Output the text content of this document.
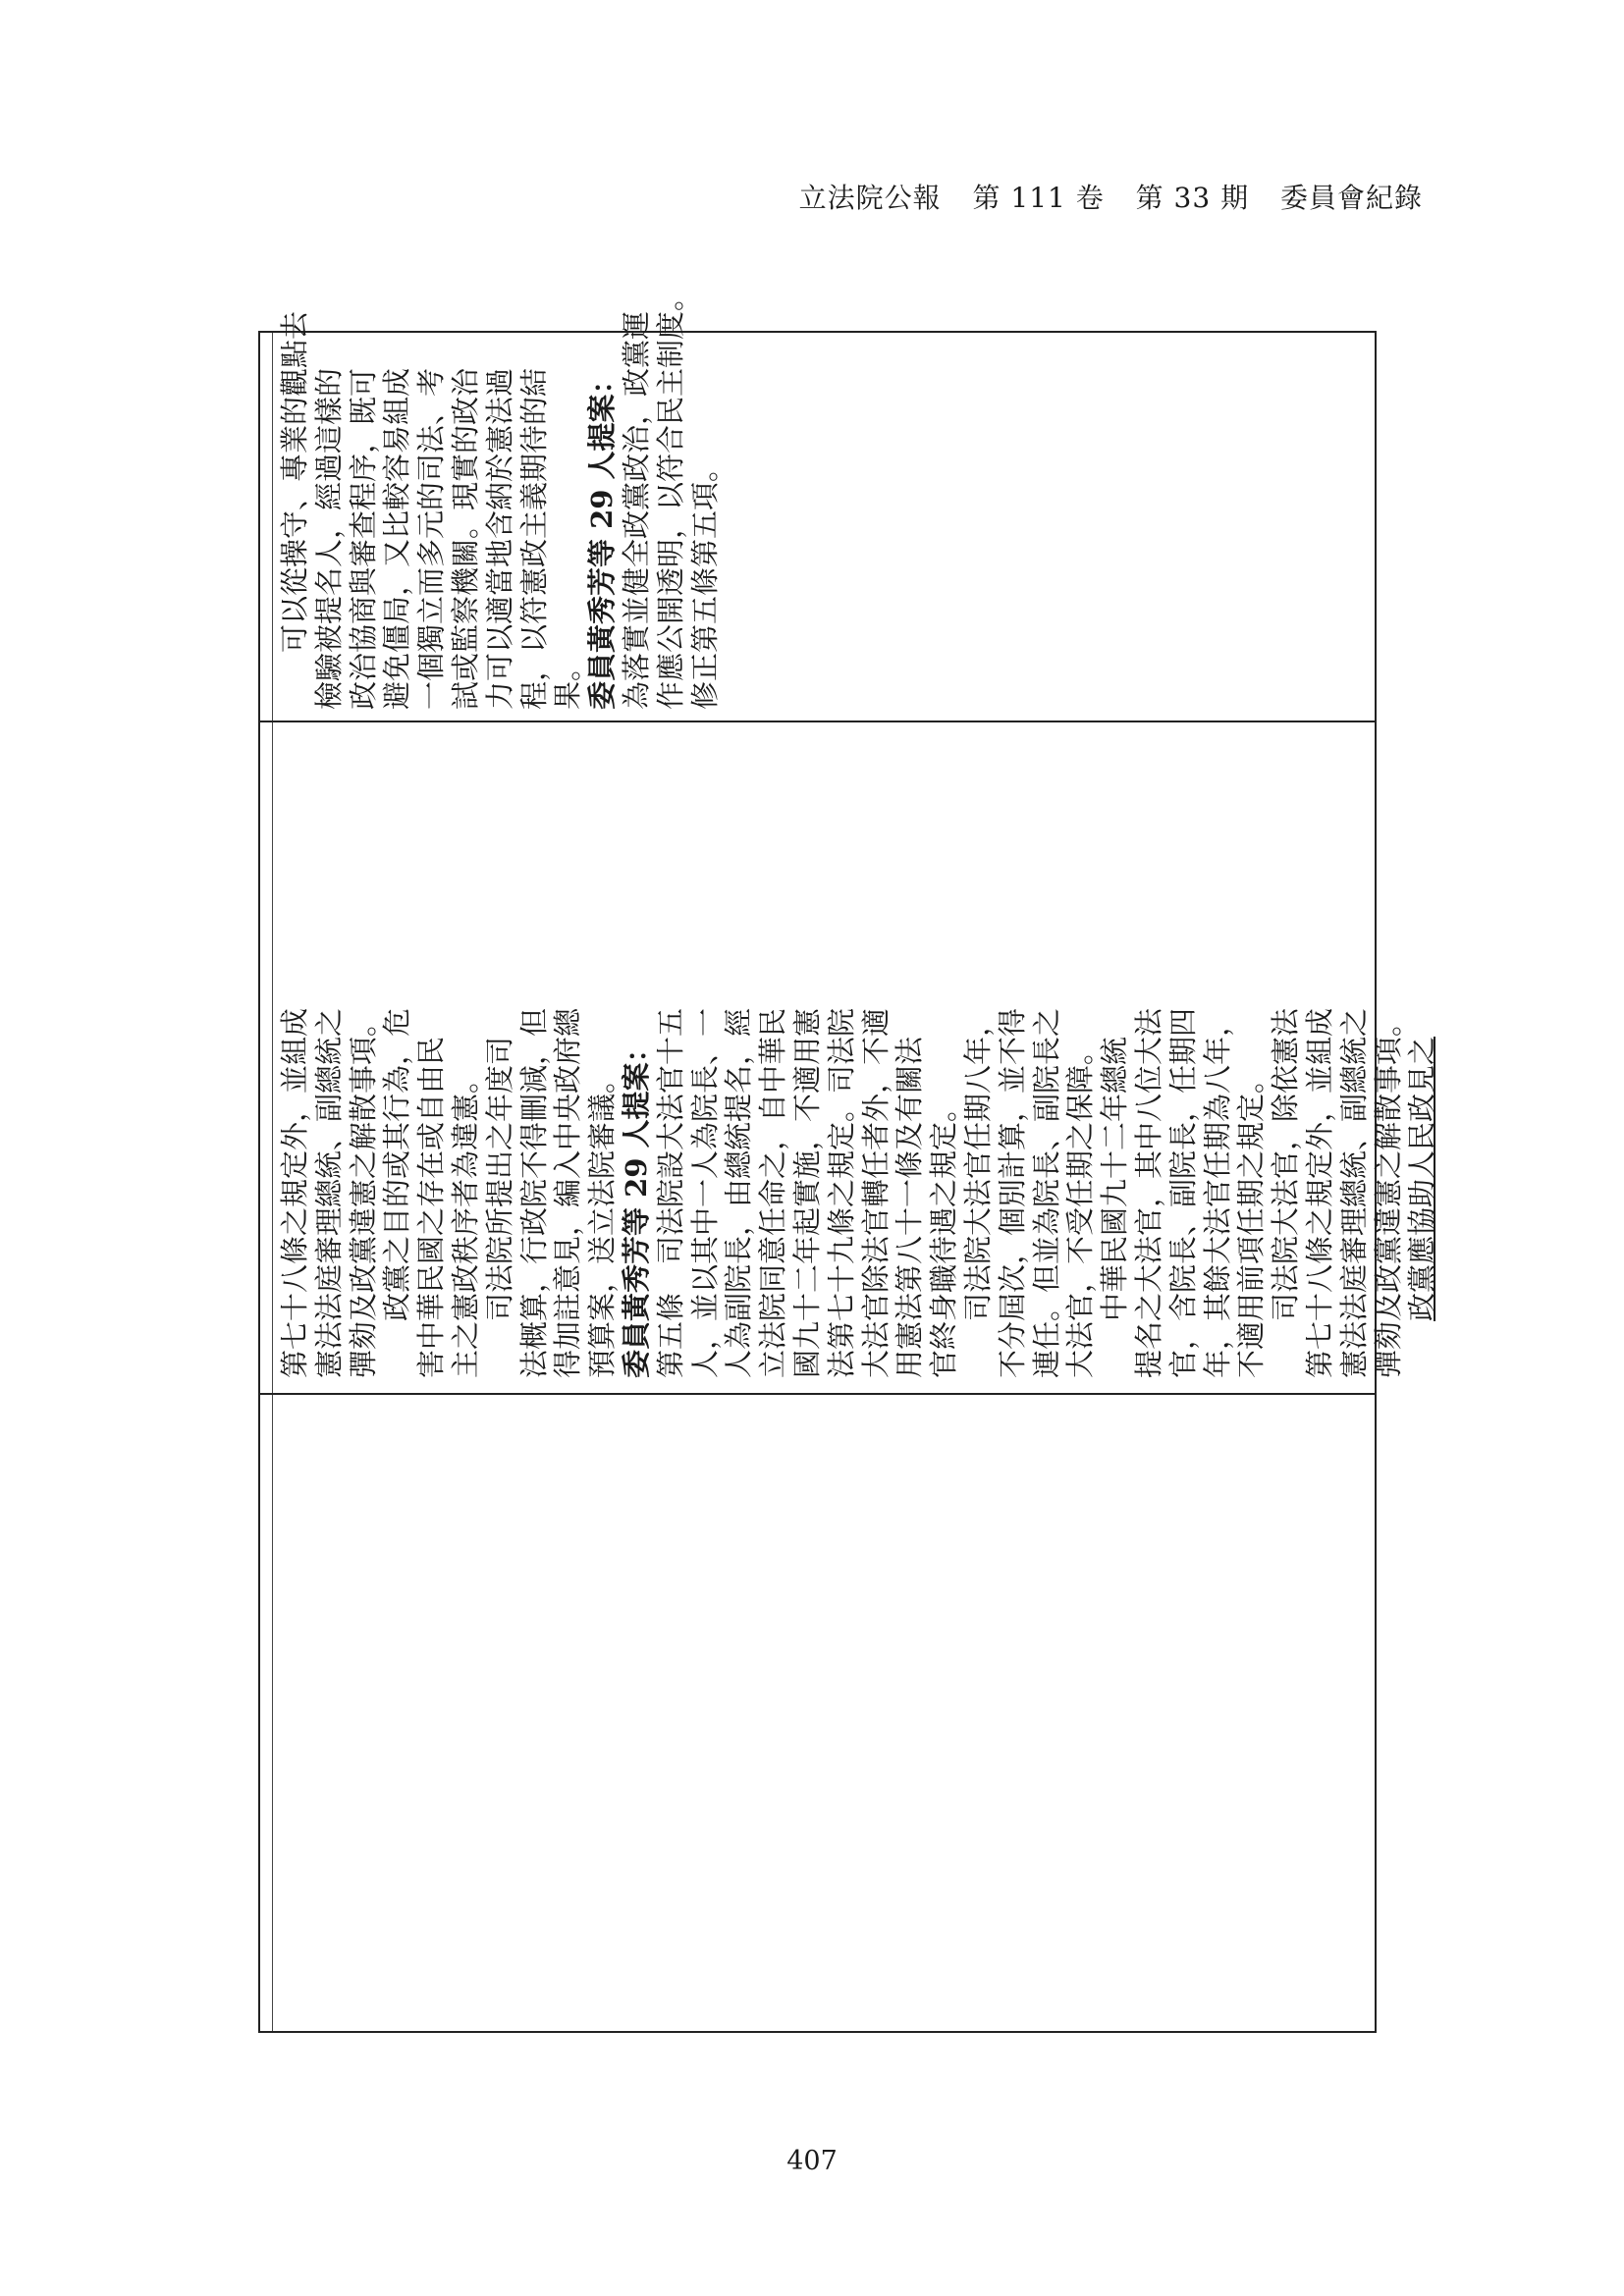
立法院公報 第 111 卷 第 33 期 委員會紀錄
可以從操守、專業的觀點去 檢驗被提名人，經過這樣的 政治協商與審查程序，既可 避免僵局，又比較容易組成 一個獨立而多元的司法、考 試或監察機關。現實的政治 力可以適當地含納於憲法過 程，以符憲政主義期待的結 果。 委員黃秀芳等 29 人提案： 為落實並健全政黨政治，政黨運 作應公開透明，以符合民主制度。 修正第五條第五項。
第七十八條之規定外，並組成 憲法法庭審理總統、副總統之 彈劾及政黨違憲之解散事項。 政黨之目的或其行為，危 害中華民國之存在或自由民 主之憲政秩序者為違憲。 司法院所提出之年度司 法概算，行政院不得刪減，但 得加註意見，編入中央政府總 預算案，送立法院審議。 委員黃秀芳等 29 人提案： 第五條　司法院設大法官十五 人，並以其中一人為院長、一 人為副院長，由總統提名，經 立法院同意任命之，自中華民 國九十二年起實施，不適用憲 法第七十九條之規定。司法院 大法官除法官轉任者外，不適 用憲法第八十一條及有關法 官終身職待遇之規定。 司法院大法官任期八年， 不分屆次，個別計算，並不得 連任。但並為院長、副院長之 大法官，不受任期之保障。 中華民國九十二年總統 提名之大法官，其中八位大法 官，含院長、副院長，任期四 年，其餘大法官任期為八年， 不適用前項任期之規定。 司法院大法官，除依憲法 第七十八條之規定外，並組成 憲法法庭審理總統、副總統之 彈劾及政黨違憲之解散事項。 政黨應協助人民政見之
407
